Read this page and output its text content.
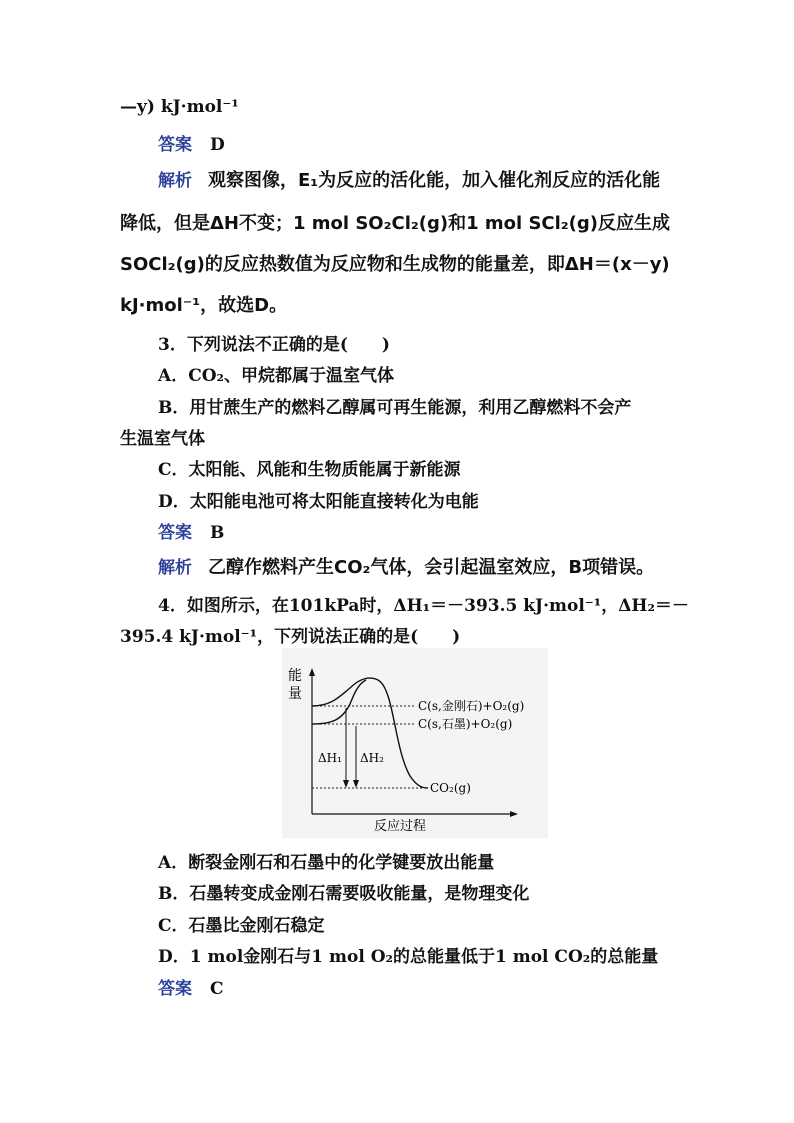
—y) kJ·mol⁻¹
答案 D
解析 观察图像，E₁为反应的活化能，加入催化剂反应的活化能
降低，但是ΔH不变；1 mol SO₂Cl₂(g)和1 mol SCl₂(g)反应生成
SOCl₂(g)的反应热数值为反应物和生成物的能量差，即ΔH＝(x－y)
kJ·mol⁻¹，故选D。
3．下列说法不正确的是(　　)
A．CO₂、甲烷都属于温室气体
B．用甘蔗生产的燃料乙醇属可再生能源，利用乙醇燃料不会产
生温室气体
C．太阳能、风能和生物质能属于新能源
D．太阳能电池可将太阳能直接转化为电能
答案 B
解析 乙醇作燃料产生CO₂气体，会引起温室效应，B项错误。
4．如图所示，在101kPa时，ΔH₁＝－393.5 kJ·mol⁻¹，ΔH₂＝－
395.4 kJ·mol⁻¹，下列说法正确的是(　　)
能
量
反应过程
ΔH₁ ΔH₂
C(s,金刚石)+O₂(g)
C(s,石墨)+O₂(g)
CO₂(g)
A．断裂金刚石和石墨中的化学键要放出能量
B．石墨转变成金刚石需要吸收能量，是物理变化
C．石墨比金刚石稳定
D．1 mol金刚石与1 mol O₂的总能量低于1 mol CO₂的总能量
答案 C
